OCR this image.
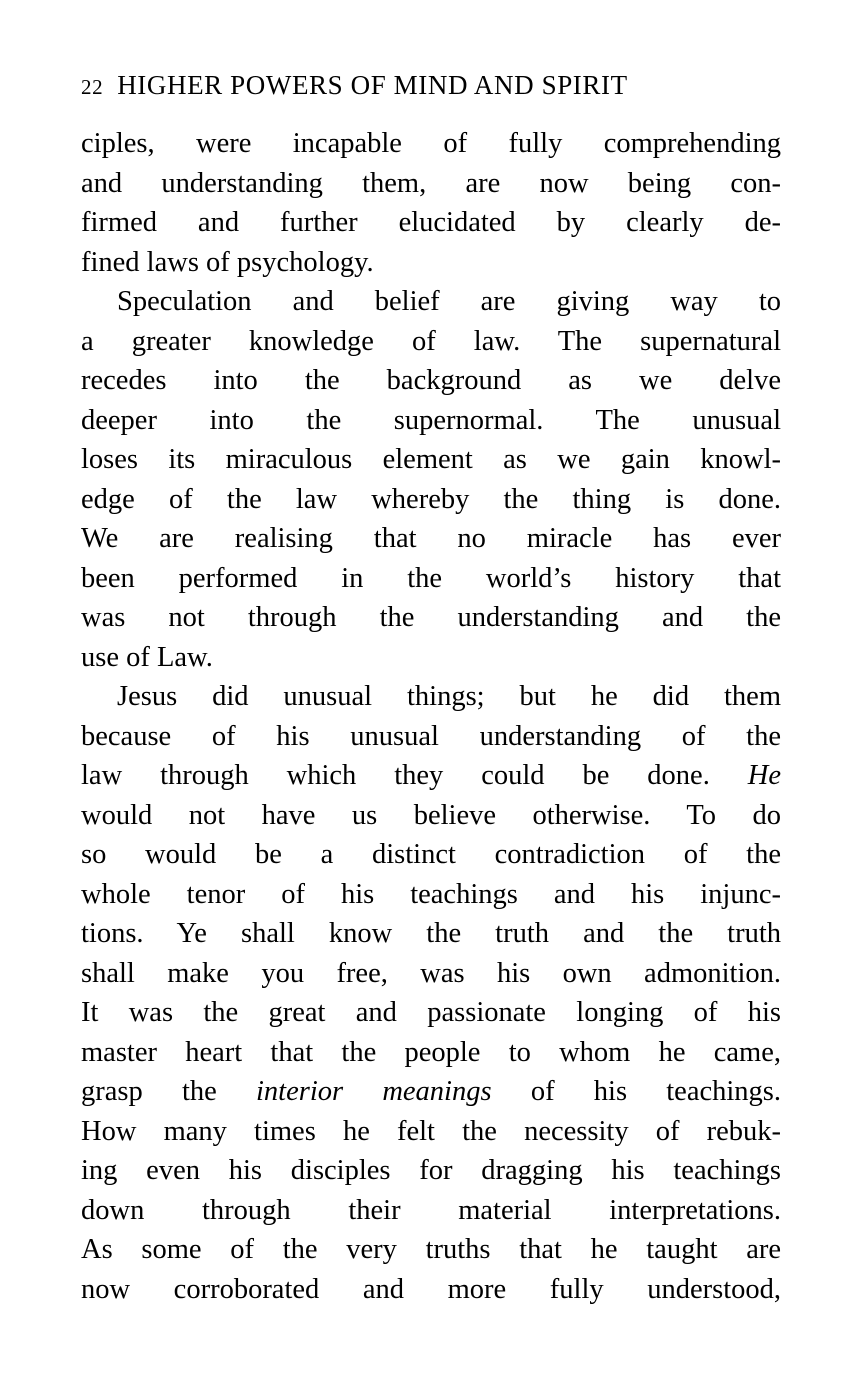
22 HIGHER POWERS OF MIND AND SPIRIT
ciples, were incapable of fully comprehending
and understanding them, are now being con-
firmed and further elucidated by clearly de-
fined laws of psychology.
Speculation and belief are giving way to
a greater knowledge of law. The supernatural
recedes into the background as we delve
deeper into the supernormal. The unusual
loses its miraculous element as we gain knowl-
edge of the law whereby the thing is done.
We are realising that no miracle has ever
been performed in the world’s history that
was not through the understanding and the
use of Law.
Jesus did unusual things; but he did them
because of his unusual understanding of the
law through which they could be done. He
would not have us believe otherwise. To do
so would be a distinct contradiction of the
whole tenor of his teachings and his injunc-
tions. Ye shall know the truth and the truth
shall make you free, was his own admonition.
It was the great and passionate longing of his
master heart that the people to whom he came,
grasp the interior meanings of his teachings.
How many times he felt the necessity of rebuk-
ing even his disciples for dragging his teachings
down through their material interpretations.
As some of the very truths that he taught are
now corroborated and more fully understood,
